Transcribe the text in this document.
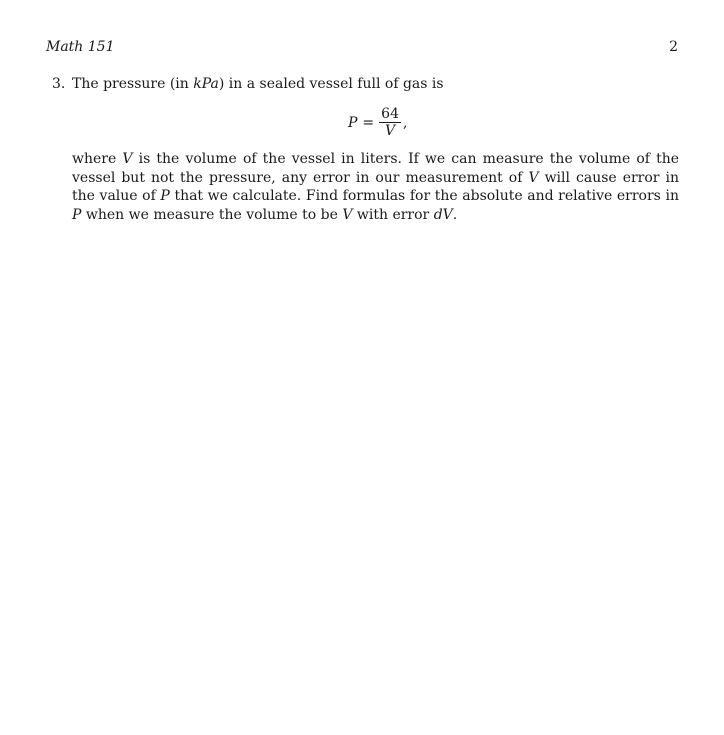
Math 151	2
3. The pressure (in kPa) in a sealed vessel full of gas is
$P = \frac{64}{V}$ ,
where V is the volume of the vessel in liters. If we can measure the volume of the vessel but not the pressure, any error in our measurement of V will cause error in the value of P that we calculate. Find formulas for the absolute and relative errors in P when we measure the volume to be V with error dV.
